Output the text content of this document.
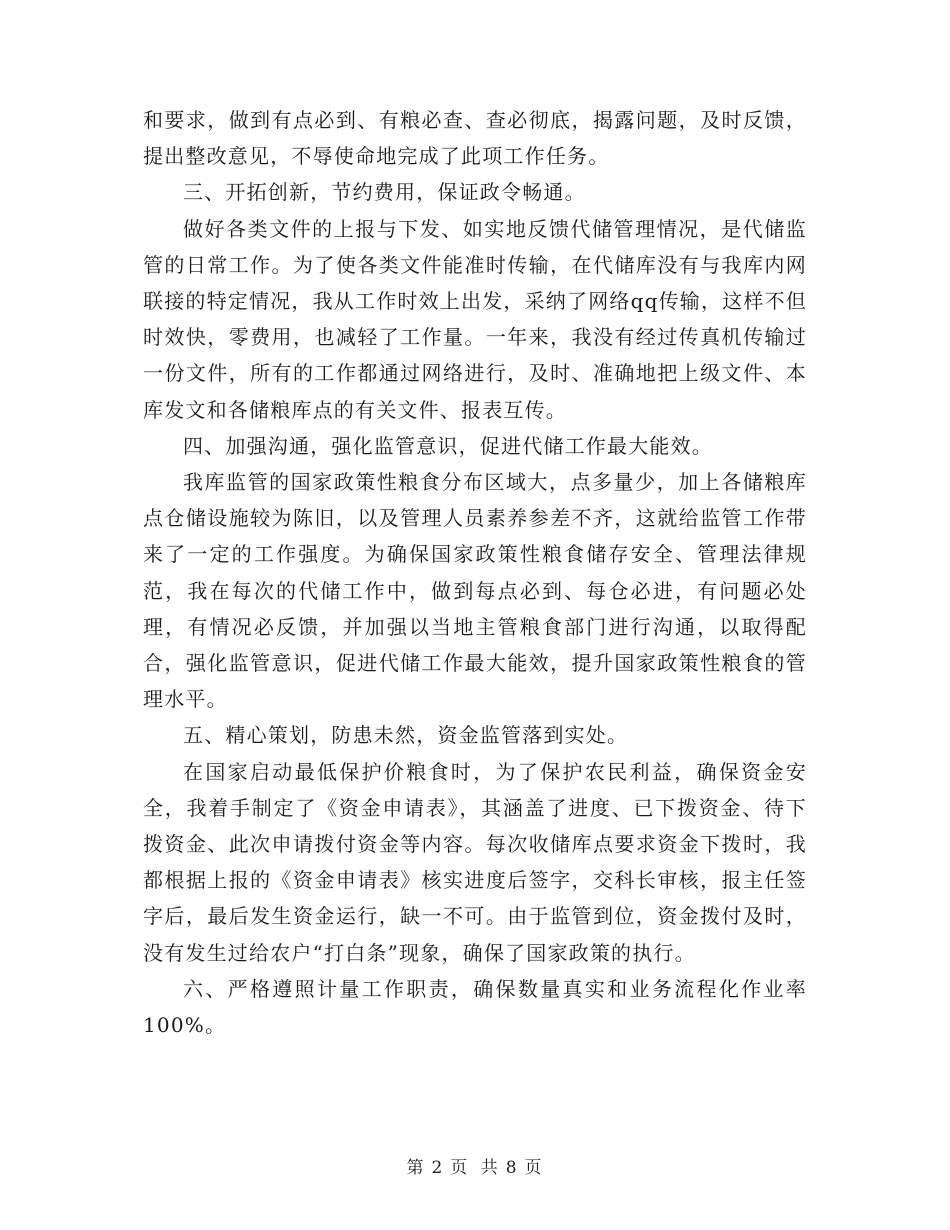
和要求，做到有点必到、有粮必查、查必彻底，揭露问题，及时反馈，提出整改意见，不辱使命地完成了此项工作任务。

三、开拓创新，节约费用，保证政令畅通。

做好各类文件的上报与下发、如实地反馈代储管理情况，是代储监管的日常工作。为了使各类文件能准时传输，在代储库没有与我库内网联接的特定情况，我从工作时效上出发，采纳了网络qq传输，这样不但时效快，零费用，也减轻了工作量。一年来，我没有经过传真机传输过一份文件，所有的工作都通过网络进行，及时、准确地把上级文件、本库发文和各储粮库点的有关文件、报表互传。

四、加强沟通，强化监管意识，促进代储工作最大能效。

我库监管的国家政策性粮食分布区域大，点多量少，加上各储粮库点仓储设施较为陈旧，以及管理人员素养参差不齐，这就给监管工作带来了一定的工作强度。为确保国家政策性粮食储存安全、管理法律规范，我在每次的代储工作中，做到每点必到、每仓必进，有问题必处理，有情况必反馈，并加强以当地主管粮食部门进行沟通，以取得配合，强化监管意识，促进代储工作最大能效，提升国家政策性粮食的管理水平。

五、精心策划，防患未然，资金监管落到实处。

在国家启动最低保护价粮食时，为了保护农民利益，确保资金安全，我着手制定了《资金申请表》，其涵盖了进度、已下拨资金、待下拨资金、此次申请拨付资金等内容。每次收储库点要求资金下拨时，我都根据上报的《资金申请表》核实进度后签字，交科长审核，报主任签字后，最后发生资金运行，缺一不可。由于监管到位，资金拨付及时，没有发生过给农户“打白条”现象，确保了国家政策的执行。

六、严格遵照计量工作职责，确保数量真实和业务流程化作业率100%。

第 2 页 共 8 页
